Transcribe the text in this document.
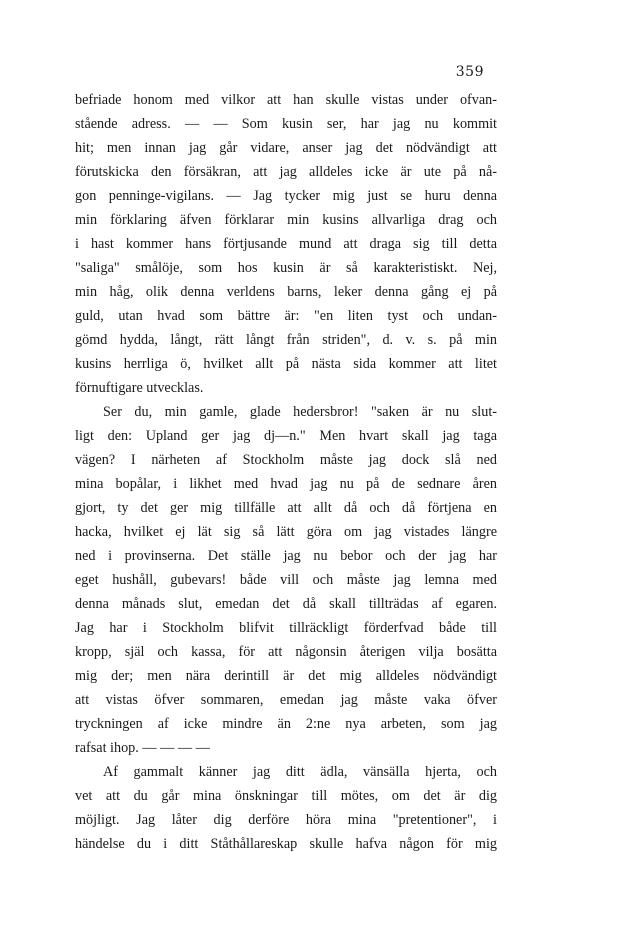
359
befriade honom med vilkor att han skulle vistas under ofvan-
stående adress. — — Som kusin ser, har jag nu kommit
hit; men innan jag går vidare, anser jag det nödvändigt att
förutskicka den försäkran, att jag alldeles icke är ute på nå-
gon penninge-vigilans. — Jag tycker mig just se huru denna
min förklaring äfven förklarar min kusins allvarliga drag och
i hast kommer hans förtjusande mund att draga sig till detta
"saliga" smålöje, som hos kusin är så karakteristiskt. Nej,
min håg, olik denna verldens barns, leker denna gång ej på
guld, utan hvad som bättre är: "en liten tyst och undan-
gömd hydda, långt, rätt långt från striden", d. v. s. på min
kusins herrliga ö, hvilket allt på nästa sida kommer att litet
förnuftigare utvecklas.
Ser du, min gamle, glade hedersbror! "saken är nu slut-
ligt den: Upland ger jag dj—n." Men hvart skall jag taga
vägen? I närheten af Stockholm måste jag dock slå ned
mina bopålar, i likhet med hvad jag nu på de sednare åren
gjort, ty det ger mig tillfälle att allt då och då förtjena en
hacka, hvilket ej lät sig så lätt göra om jag vistades längre
ned i provinserna. Det ställe jag nu bebor och der jag har
eget hushåll, gubevars! både vill och måste jag lemna med
denna månads slut, emedan det då skall tillträdas af egaren.
Jag har i Stockholm blifvit tillräckligt förderfvad både till
kropp, själ och kassa, för att någonsin återigen vilja bosätta
mig der; men nära derintill är det mig alldeles nödvändigt
att vistas öfver sommaren, emedan jag måste vaka öfver
tryckningen af icke mindre än 2:ne nya arbeten, som jag
rafsat ihop. — — — —
Af gammalt känner jag ditt ädla, vänsälla hjerta, och
vet att du går mina önskningar till mötes, om det är dig
möjligt. Jag låter dig derföre höra mina "pretentioner", i
händelse du i ditt Ståthållareskap skulle hafva någon för mig
